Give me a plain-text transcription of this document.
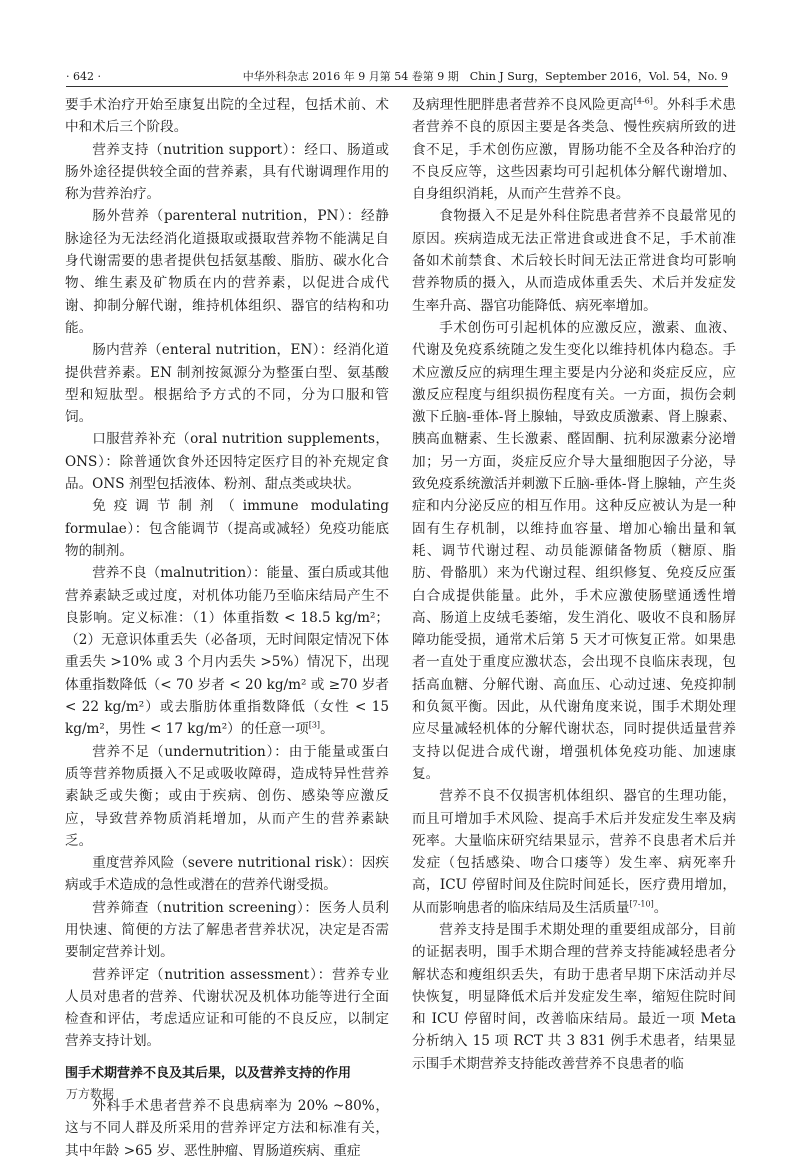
· 642 ·	中华外科杂志 2016 年 9 月第 54 卷第 9 期　Chin J Surg，September 2016，Vol. 54，No. 9

要手术治疗开始至康复出院的全过程，包括术前、术中和术后三个阶段。

营养支持（nutrition support）：经口、肠道或肠外途径提供较全面的营养素，具有代谢调理作用的称为营养治疗。

肠外营养（parenteral nutrition，PN）：经静脉途径为无法经消化道摄取或摄取营养物不能满足自身代谢需要的患者提供包括氨基酸、脂肪、碳水化合物、维生素及矿物质在内的营养素，以促进合成代谢、抑制分解代谢，维持机体组织、器官的结构和功能。

肠内营养（enteral nutrition，EN）：经消化道提供营养素。EN 制剂按氮源分为整蛋白型、氨基酸型和短肽型。根据给予方式的不同，分为口服和管饲。

口服营养补充（oral nutrition supplements，ONS）：除普通饮食外还因特定医疗目的补充规定食品。ONS 剂型包括液体、粉剂、甜点类或块状。

免疫调节制剂（immune modulating formulae）：包含能调节（提高或减轻）免疫功能底物的制剂。

营养不良（malnutrition）：能量、蛋白质或其他营养素缺乏或过度，对机体功能乃至临床结局产生不良影响。定义标准：（1）体重指数 < 18.5 kg/m²；（2）无意识体重丢失（必备项，无时间限定情况下体重丢失 >10% 或 3 个月内丢失 >5%）情况下，出现体重指数降低（< 70 岁者 < 20 kg/m² 或 ≥70 岁者 < 22 kg/m²）或去脂肪体重指数降低（女性 < 15 kg/m²，男性 < 17 kg/m²）的任意一项[3]。

营养不足（undernutrition）：由于能量或蛋白质等营养物质摄入不足或吸收障碍，造成特异性营养素缺乏或失衡；或由于疾病、创伤、感染等应激反应，导致营养物质消耗增加，从而产生的营养素缺乏。

重度营养风险（severe nutritional risk）：因疾病或手术造成的急性或潜在的营养代谢受损。

营养筛查（nutrition screening）：医务人员利用快速、简便的方法了解患者营养状况，决定是否需要制定营养计划。

营养评定（nutrition assessment）：营养专业人员对患者的营养、代谢状况及机体功能等进行全面检查和评估，考虑适应证和可能的不良反应，以制定营养支持计划。

围手术期营养不良及其后果，以及营养支持的作用

外科手术患者营养不良患病率为 20% ~80%，这与不同人群及所采用的营养评定方法和标准有关，其中年龄 >65 岁、恶性肿瘤、胃肠道疾病、重症

及病理性肥胖患者营养不良风险更高[4-6]。外科手术患者营养不良的原因主要是各类急、慢性疾病所致的进食不足，手术创伤应激，胃肠功能不全及各种治疗的不良反应等，这些因素均可引起机体分解代谢增加、自身组织消耗，从而产生营养不良。

食物摄入不足是外科住院患者营养不良最常见的原因。疾病造成无法正常进食或进食不足，手术前准备如术前禁食、术后较长时间无法正常进食均可影响营养物质的摄入，从而造成体重丢失、术后并发症发生率升高、器官功能降低、病死率增加。

手术创伤可引起机体的应激反应，激素、血液、代谢及免疫系统随之发生变化以维持机体内稳态。手术应激反应的病理生理主要是内分泌和炎症反应，应激反应程度与组织损伤程度有关。一方面，损伤会刺激下丘脑-垂体-肾上腺轴，导致皮质激素、肾上腺素、胰高血糖素、生长激素、醛固酮、抗利尿激素分泌增加；另一方面，炎症反应介导大量细胞因子分泌，导致免疫系统激活并刺激下丘脑-垂体-肾上腺轴，产生炎症和内分泌反应的相互作用。这种反应被认为是一种固有生存机制，以维持血容量、增加心输出量和氧耗、调节代谢过程、动员能源储备物质（糖原、脂肪、骨骼肌）来为代谢过程、组织修复、免疫反应蛋白合成提供能量。此外，手术应激使肠壁通透性增高、肠道上皮绒毛萎缩，发生消化、吸收不良和肠屏障功能受损，通常术后第 5 天才可恢复正常。如果患者一直处于重度应激状态，会出现不良临床表现，包括高血糖、分解代谢、高血压、心动过速、免疫抑制和负氮平衡。因此，从代谢角度来说，围手术期处理应尽量减轻机体的分解代谢状态，同时提供适量营养支持以促进合成代谢，增强机体免疫功能、加速康复。

营养不良不仅损害机体组织、器官的生理功能，而且可增加手术风险、提高手术后并发症发生率及病死率。大量临床研究结果显示，营养不良患者术后并发症（包括感染、吻合口瘘等）发生率、病死率升高，ICU 停留时间及住院时间延长，医疗费用增加，从而影响患者的临床结局及生活质量[7-10]。

营养支持是围手术期处理的重要组成部分，目前的证据表明，围手术期合理的营养支持能减轻患者分解状态和瘦组织丢失，有助于患者早期下床活动并尽快恢复，明显降低术后并发症发生率，缩短住院时间和 ICU 停留时间，改善临床结局。最近一项 Meta 分析纳入 15 项 RCT 共 3 831 例手术患者，结果显示围手术期营养支持能改善营养不良患者的临

万方数据
